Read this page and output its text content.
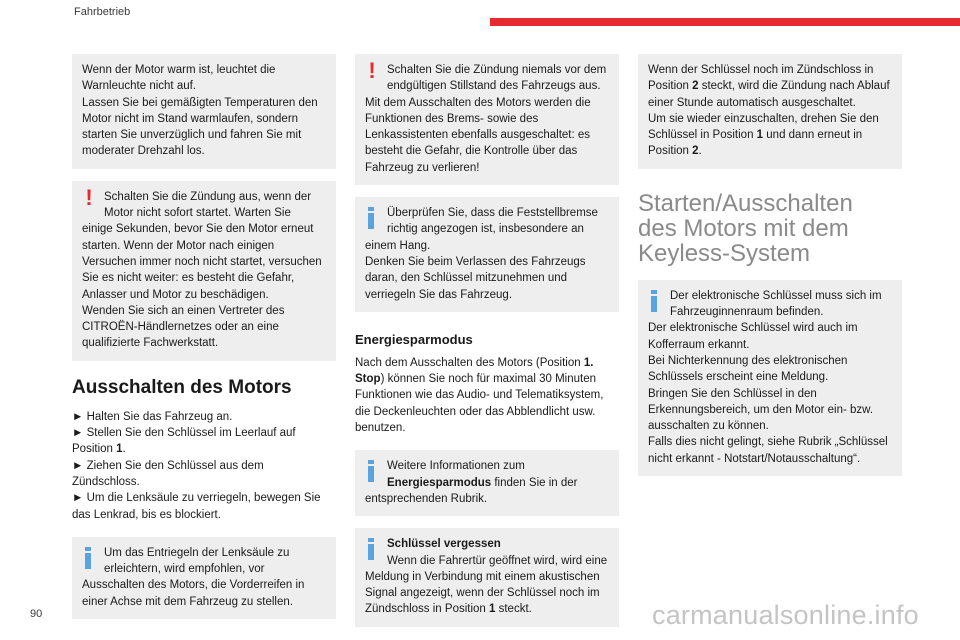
Fahrbetrieb

Wenn der Motor warm ist, leuchtet die
Warnleuchte nicht auf.
Lassen Sie bei gemäßigten Temperaturen den
Motor nicht im Stand warmlaufen, sondern
starten Sie unverzüglich und fahren Sie mit
moderater Drehzahl los.

! Schalten Sie die Zündung aus, wenn der
Motor nicht sofort startet. Warten Sie

einige Sekunden, bevor Sie den Motor erneut
starten. Wenn der Motor nach einigen
Versuchen immer noch nicht startet, versuchen
Sie es nicht weiter: es besteht die Gefahr,
Anlasser und Motor zu beschädigen.
Wenden Sie sich an einen Vertreter des
CITROËN-Händlernetzes oder an eine
qualifizierte Fachwerkstatt.

Ausschalten des Motors

► Halten Sie das Fahrzeug an.
► Stellen Sie den Schlüssel im Leerlauf auf
Position 1.
► Ziehen Sie den Schlüssel aus dem
Zündschloss.
► Um die Lenksäule zu verriegeln, bewegen Sie
das Lenkrad, bis es blockiert.

Um das Entriegeln der Lenksäule zu
erleichtern, wird empfohlen, vor

Ausschalten des Motors, die Vorderreifen in
einer Achse mit dem Fahrzeug zu stellen.

! Schalten Sie die Zündung niemals vor dem
endgültigen Stillstand des Fahrzeugs aus.

Mit dem Ausschalten des Motors werden die
Funktionen des Brems- sowie des
Lenkassistenten ebenfalls ausgeschaltet: es
besteht die Gefahr, die Kontrolle über das
Fahrzeug zu verlieren!

Überprüfen Sie, dass die Feststellbremse
richtig angezogen ist, insbesondere an

einem Hang.
Denken Sie beim Verlassen des Fahrzeugs
daran, den Schlüssel mitzunehmen und
verriegeln Sie das Fahrzeug.

Energiesparmodus

Nach dem Ausschalten des Motors (Position 1.
Stop) können Sie noch für maximal 30 Minuten
Funktionen wie das Audio- und Telematiksystem,
die Deckenleuchten oder das Abblendlicht usw.
benutzen.

Weitere Informationen zum
Energiesparmodus finden Sie in der

entsprechenden Rubrik.

Schlüssel vergessen
Wenn die Fahrertür geöffnet wird, wird eine

Meldung in Verbindung mit einem akustischen
Signal angezeigt, wenn der Schlüssel noch im
Zündschloss in Position 1 steckt.

Wenn der Schlüssel noch im Zündschloss in
Position 2 steckt, wird die Zündung nach Ablauf
einer Stunde automatisch ausgeschaltet.
Um sie wieder einzuschalten, drehen Sie den
Schlüssel in Position 1 und dann erneut in
Position 2.

Starten/Ausschalten
des Motors mit dem
Keyless-System

Der elektronische Schlüssel muss sich im
Fahrzeuginnenraum befinden.

Der elektronische Schlüssel wird auch im
Kofferraum erkannt.
Bei Nichterkennung des elektronischen
Schlüssels erscheint eine Meldung.
Bringen Sie den Schlüssel in den
Erkennungsbereich, um den Motor ein- bzw.
ausschalten zu können.
Falls dies nicht gelingt, siehe Rubrik „Schlüssel
nicht erkannt - Notstart/Notausschaltung“.

90	carmanualsonline.info
